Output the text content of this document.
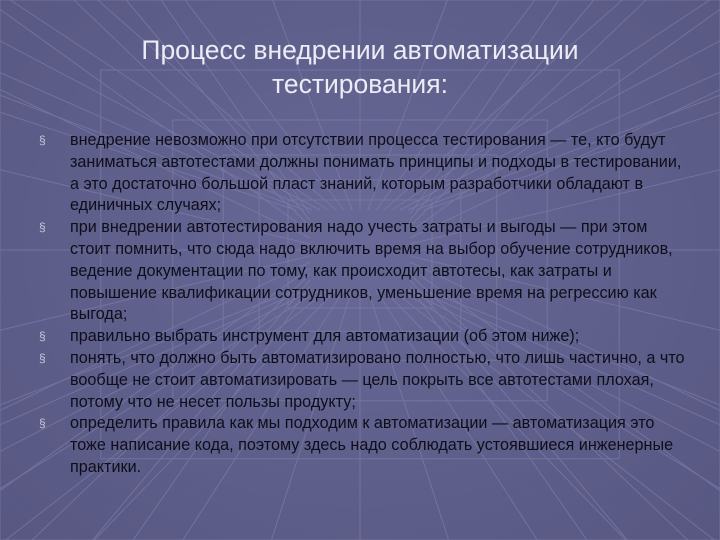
Процесс внедрении автоматизации
тестирования:
§	внедрение невозможно при отсутствии процесса тестирования — те, кто будут заниматься автотестами должны понимать принципы и подходы в тестировании, а это достаточно большой пласт знаний, которым разработчики обладают в единичных случаях;
§	при внедрении автотестирования надо учесть затраты и выгоды — при этом стоит помнить, что сюда надо включить время на выбор обучение сотрудников, ведение документации по тому, как происходит автотесы, как затраты и повышение квалификации сотрудников, уменьшение время на регрессию как выгода;
§	правильно выбрать инструмент для автоматизации (об этом ниже);
§	понять, что должно быть автоматизировано полностью, что лишь частично, а что вообще не стоит автоматизировать — цель покрыть все автотестами плохая, потому что не несет пользы продукту;
§	определить правила как мы подходим к автоматизации — автоматизация это тоже написание кода, поэтому здесь надо соблюдать устоявшиеся инженерные практики.
